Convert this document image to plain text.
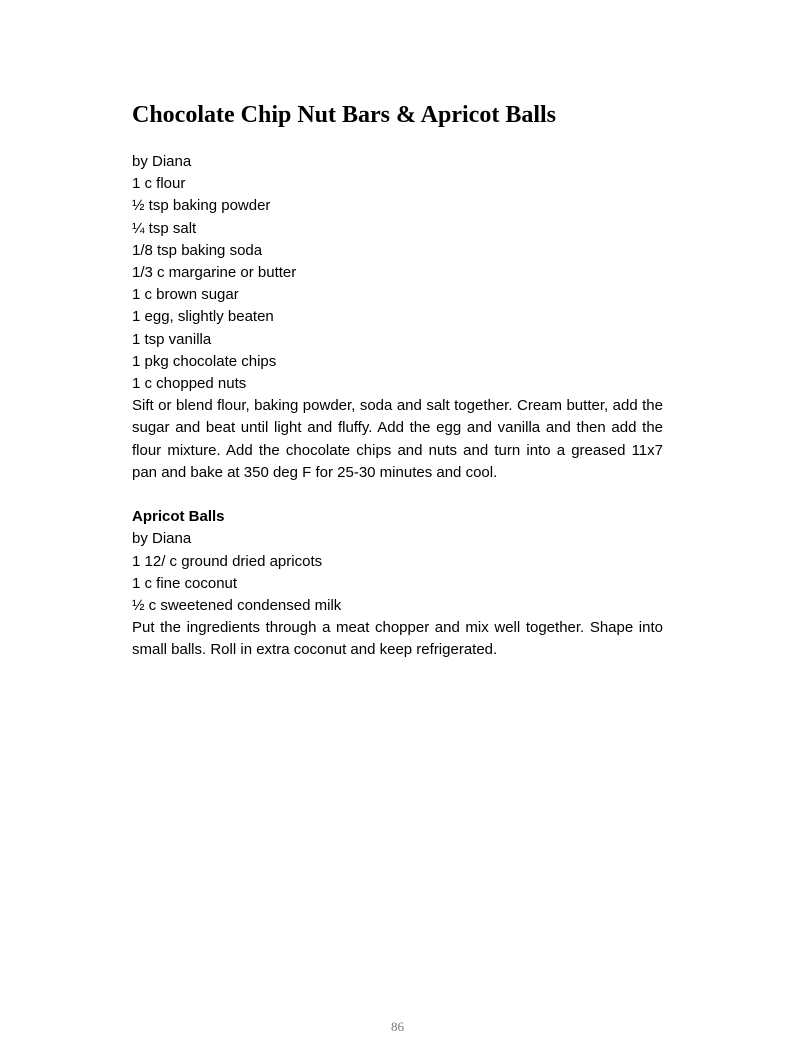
Chocolate Chip Nut Bars & Apricot Balls
by Diana
1 c flour
½ tsp baking powder
¼ tsp salt
1/8 tsp baking soda
1/3 c margarine or butter
1 c brown sugar
1 egg, slightly beaten
1 tsp vanilla
1 pkg chocolate chips
1 c chopped nuts

Sift or blend flour, baking powder, soda and salt together. Cream butter, add the sugar and beat until light and fluffy. Add the egg and vanilla and then add the flour mixture. Add the chocolate chips and nuts and turn into a greased 11x7 pan and bake at 350 deg F for 25-30 minutes and cool.

Apricot Balls
by Diana
1 12/ c ground dried apricots
1 c fine coconut
½ c sweetened condensed milk

Put the ingredients through a meat chopper and mix well together. Shape into small balls. Roll in extra coconut and keep refrigerated.

86
